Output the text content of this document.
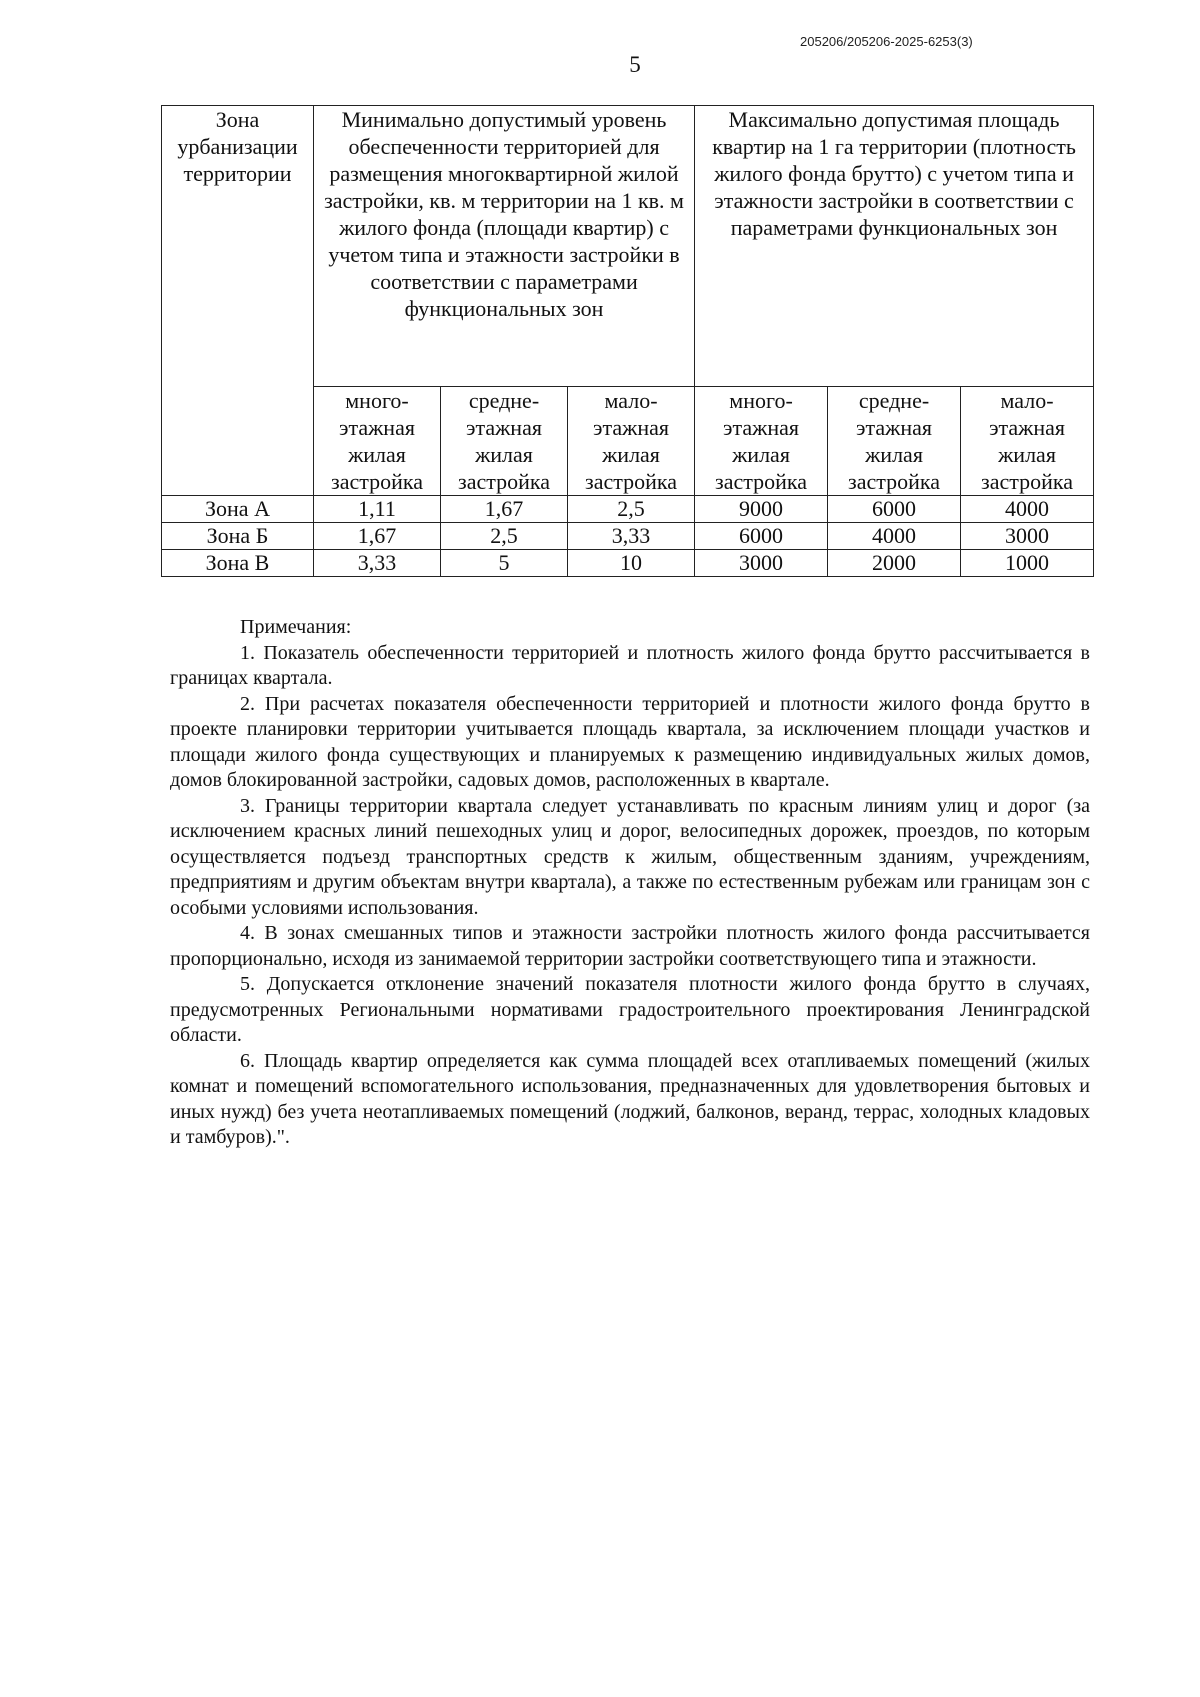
205206/205206-2025-6253(3)
5
Зона урбанизации территории	Минимально допустимый уровень обеспеченности территорией для размещения многоквартирной жилой застройки, кв. м территории на 1 кв. м жилого фонда (площади квартир) с учетом типа и этажности застройки в соответствии с параметрами функциональных зон			Максимально допустимая площадь квартир на 1 га территории (плотность жилого фонда брутто) с учетом типа и этажности застройки в соответствии с параметрами функциональных зон		
	много-этажная жилая застройка	средне-этажная жилая застройка	мало-этажная жилая застройка	много-этажная жилая застройка	средне-этажная жилая застройка	мало-этажная жилая застройка
Зона А	1,11	1,67	2,5	9000	6000	4000
Зона Б	1,67	2,5	3,33	6000	4000	3000
Зона В	3,33	5	10	3000	2000	1000
Примечания:

1. Показатель обеспеченности территорией и плотность жилого фонда брутто рассчитывается в границах квартала.

2. При расчетах показателя обеспеченности территорией и плотности жилого фонда брутто в проекте планировки территории учитывается площадь квартала, за исключением площади участков и площади жилого фонда существующих и планируемых к размещению индивидуальных жилых домов, домов блокированной застройки, садовых домов, расположенных в квартале.

3. Границы территории квартала следует устанавливать по красным линиям улиц и дорог (за исключением красных линий пешеходных улиц и дорог, велосипедных дорожек, проездов, по которым осуществляется подъезд транспортных средств к жилым, общественным зданиям, учреждениям, предприятиям и другим объектам внутри квартала), а также по естественным рубежам или границам зон с особыми условиями использования.

4. В зонах смешанных типов и этажности застройки плотность жилого фонда рассчитывается пропорционально, исходя из занимаемой территории застройки соответствующего типа и этажности.

5. Допускается отклонение значений показателя плотности жилого фонда брутто в случаях, предусмотренных Региональными нормативами градостроительного проектирования Ленинградской области.

6. Площадь квартир определяется как сумма площадей всех отапливаемых помещений (жилых комнат и помещений вспомогательного использования, предназначенных для удовлетворения бытовых и иных нужд) без учета неотапливаемых помещений (лоджий, балконов, веранд, террас, холодных кладовых и тамбуров).".
